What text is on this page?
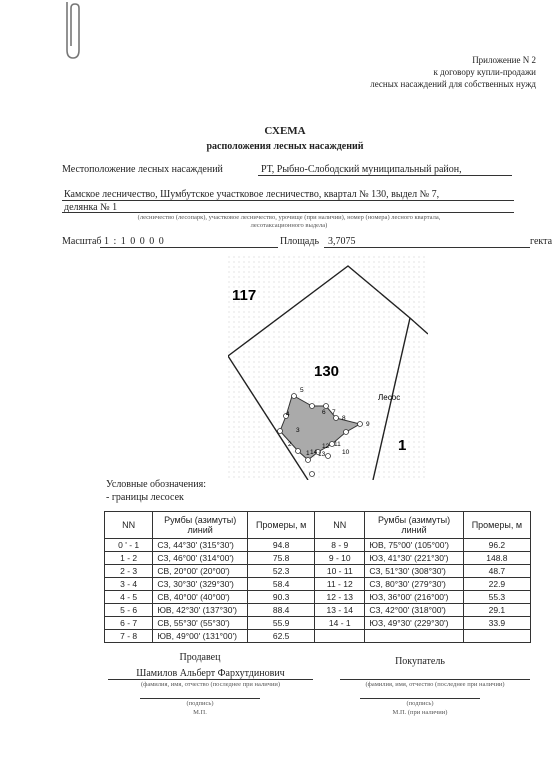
Приложение N 2
к договору купли-продажи
лесных насаждений для собственных нужд
СХЕМА
расположения лесных насаждений
Местоположение лесных насаждений	РТ, Рыбно-Слободский муниципальный район,
Камское лесничество, Шумбутское участковое лесничество, квартал № 130, выдел № 7,
делянка № 1
(лесничество (лесопарк), участковое лесничество, урочище (при наличии), номер (номера) лесного квартала,
лесотаксационного выдела)
Масштаб 1 : 1 0 0 0 0	Площадь 3,7075	гекта
117
130
1
Лесос
5
4
3
2
1
6 7
8
9
10
11
12
13
14
Условные обозначения:
- границы лесосек
NN	Румбы (азимуты) линий	Промеры, м	NN	Румбы (азимуты) линий	Промеры, м
0 ' - 1	СЗ, 44°30' (315°30')	94.8	8 - 9	ЮВ, 75°00' (105°00')	96.2
1 - 2	СЗ, 46°00' (314°00')	75.8	9 - 10	ЮЗ, 41°30' (221°30')	148.8
2 - 3	СВ, 20°00' (20°00')	52.3	10 - 11	СЗ, 51°30' (308°30')	48.7
3 - 4	СЗ, 30°30' (329°30')	58.4	11 - 12	СЗ, 80°30' (279°30')	22.9
4 - 5	СВ, 40°00' (40°00')	90.3	12 - 13	ЮЗ, 36°00' (216°00')	55.3
5 - 6	ЮВ, 42°30' (137°30')	88.4	13 - 14	СЗ, 42°00' (318°00')	29.1
6 - 7	СВ, 55°30' (55°30')	55.9	14 - 1	ЮЗ, 49°30' (229°30')	33.9
7 - 8	ЮВ, 49°00' (131°00')	62.5			
Продавец
Шамилов Альберт Фархутдинович
(фамилия, имя, отчество (последнее при наличии)
(подпись)
М.П.
Покупатель
(фамилия, имя, отчество (последнее при наличии)
(подпись)
М.П. (при наличии)
